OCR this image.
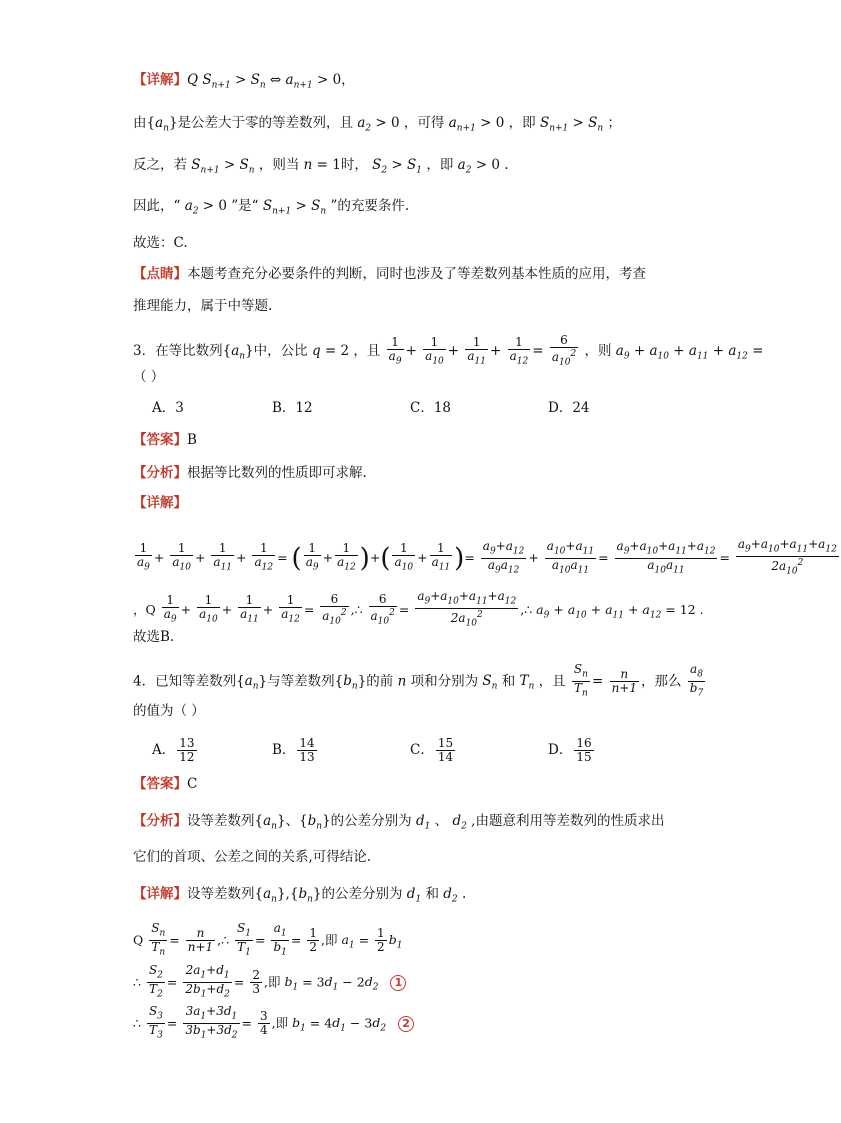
【详解】Q $S_{n+1} > S_n$ ⇔ $a_{n+1} > 0$，
由$\{a_n\}$是公差大于零的等差数列，且 $a_2 > 0$ ，可得 $a_{n+1} > 0$ ，即 $S_{n+1} > S_n$ ；
反之，若 $S_{n+1} > S_n$ ，则当 n = 1时， $S_2 > S_1$ ，即 $a_2 > 0$ .
因此，“ $a_2 > 0$ ”是“ $S_{n+1} > S_n$ ”的充要条件.
故选：C.
【点睛】本题考查充分必要条件的判断，同时也涉及了等差数列基本性质的应用，考查
推理能力，属于中等题.
3．在等比数列$\{a_n\}$中，公比 q = 2 ，且 $\frac{1}{a_9} + \frac{1}{a_{10}} + \frac{1}{a_{11}} + \frac{1}{a_{12}} = \frac{6}{a_{10}^2}$ ，则 $a_9 + a_{10} + a_{11} + a_{12}$ =
（ ）
A．3	B．12	C．18	D．24
【答案】B
【分析】根据等比数列的性质即可求解.
【详解】
$\frac{1}{a_9} + \frac{1}{a_{10}} + \frac{1}{a_{11}} + \frac{1}{a_{12}}$ = ( $\frac{1}{a_9} + \frac{1}{a_{12}}$ )+( $\frac{1}{a_{10}} + \frac{1}{a_{11}}$ )= $\frac{a_9+a_{12}}{a_9a_{12}} + \frac{a_{10}+a_{11}}{a_{10}a_{11}} = \frac{a_9+a_{10}+a_{11}+a_{12}}{a_{10}a_{11}} = \frac{a_9+a_{10}+a_{11}+a_{12}}{2a_{10}^2}$
，Q $\frac{1}{a_9} + \frac{1}{a_{10}} + \frac{1}{a_{11}} + \frac{1}{a_{12}} = \frac{6}{a_{10}^2}$ ,∴ $\frac{6}{a_{10}^2} = \frac{a_9+a_{10}+a_{11}+a_{12}}{2a_{10}^2}$ ,∴ $a_9 + a_{10} + a_{11} + a_{12} = 12$ .
故选B.
4．已知等差数列$\{a_n\}$与等差数列$\{b_n\}$的前 n 项和分别为 $S_n$ 和 $T_n$ ，且 $\frac{S_n}{T_n} = \frac{n}{n+1}$ ，那么 $\frac{a_8}{b_7}$
的值为（ ）
A． $\frac{13}{12}$	B． $\frac{14}{13}$	C． $\frac{15}{14}$	D． $\frac{16}{15}$
【答案】C
【分析】设等差数列$\{a_n\}$、$\{b_n\}$的公差分别为 $d_1$ 、 $d_2$ ,由题意利用等差数列的性质求出
它们的首项、公差之间的关系,可得结论.
【详解】设等差数列$\{a_n\},\{b_n\}$的公差分别为 $d_1$ 和 $d_2$ .
Q $\frac{S_n}{T_n} = \frac{n}{n+1}$ ,∴ $\frac{S_1}{T_1} = \frac{a_1}{b_1} = \frac{1}{2}$ ,即 $a_1 = \frac{1}{2} b_1$
∴ $\frac{S_2}{T_2} = \frac{2a_1+d_1}{2b_1+d_2} = \frac{2}{3}$ ,即 $b_1 = 3d_1 - 2d_2$ 1
∴ $\frac{S_3}{T_3} = \frac{3a_1+3d_1}{3b_1+3d_2} = \frac{3}{4}$ ,即 $b_1 = 4d_1 - 3d_2$ 2
